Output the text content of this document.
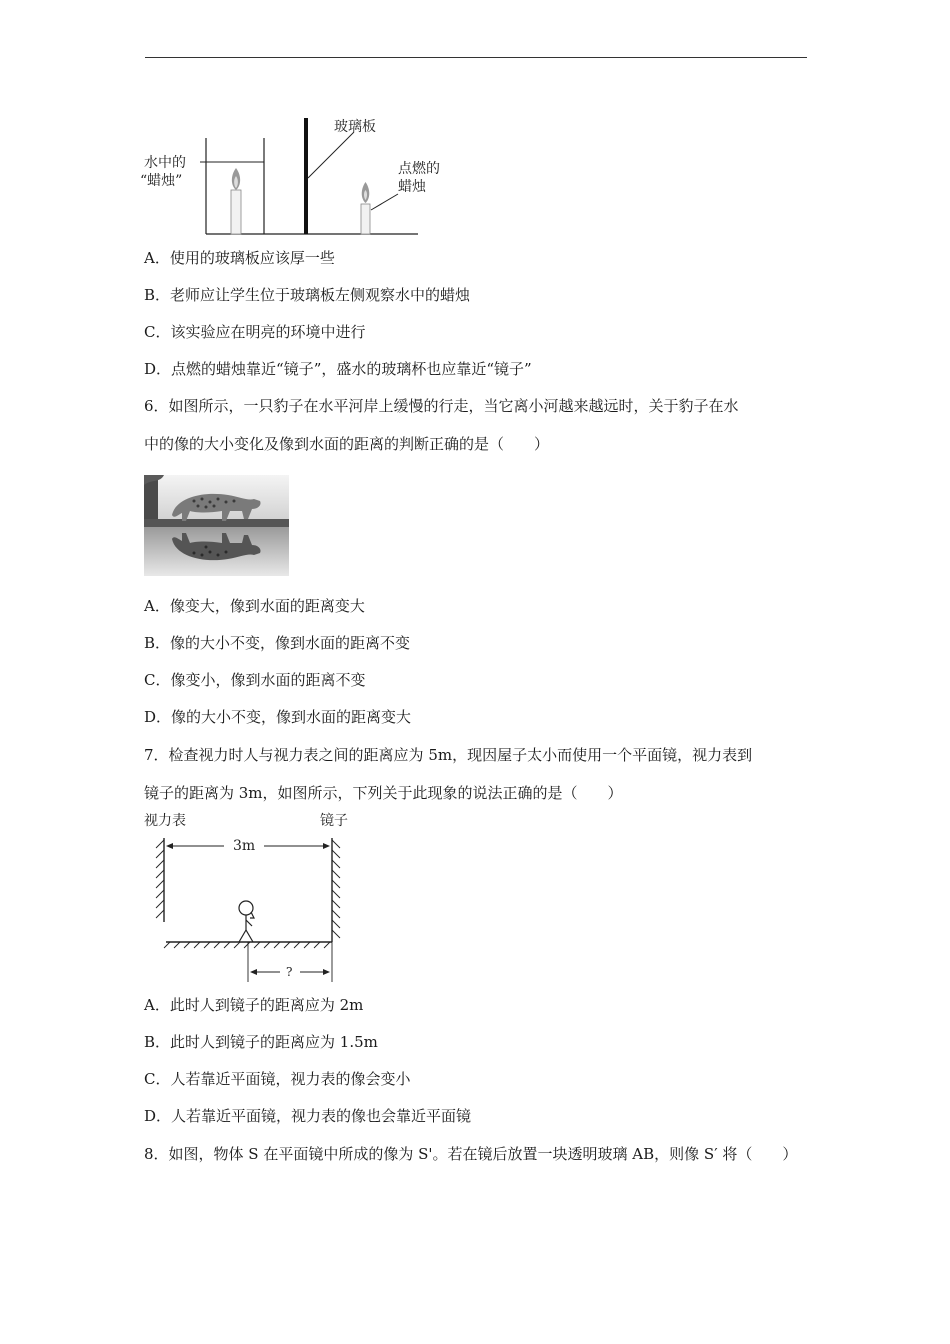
水中的
“蜡烛”
玻璃板
点燃的
蜡烛
A．使用的玻璃板应该厚一些
B．老师应让学生位于玻璃板左侧观察水中的蜡烛
C．该实验应在明亮的环境中进行
D．点燃的蜡烛靠近“镜子”，盛水的玻璃杯也应靠近“镜子”
6．如图所示，一只豹子在水平河岸上缓慢的行走，当它离小河越来越远时，关于豹子在水
中的像的大小变化及像到水面的距离的判断正确的是（　　）
A．像变大，像到水面的距离变大
B．像的大小不变，像到水面的距离不变
C．像变小，像到水面的距离不变
D．像的大小不变，像到水面的距离变大
7．检查视力时人与视力表之间的距离应为 5m，现因屋子太小而使用一个平面镜，视力表到
镜子的距离为 3m，如图所示，下列关于此现象的说法正确的是（　　）
视力表	镜子
3m
?
A．此时人到镜子的距离应为 2m
B．此时人到镜子的距离应为 1.5m
C．人若靠近平面镜，视力表的像会变小
D．人若靠近平面镜，视力表的像也会靠近平面镜
8．如图，物体 S 在平面镜中所成的像为 S'。若在镜后放置一块透明玻璃 AB，则像 S′ 将（　　）
